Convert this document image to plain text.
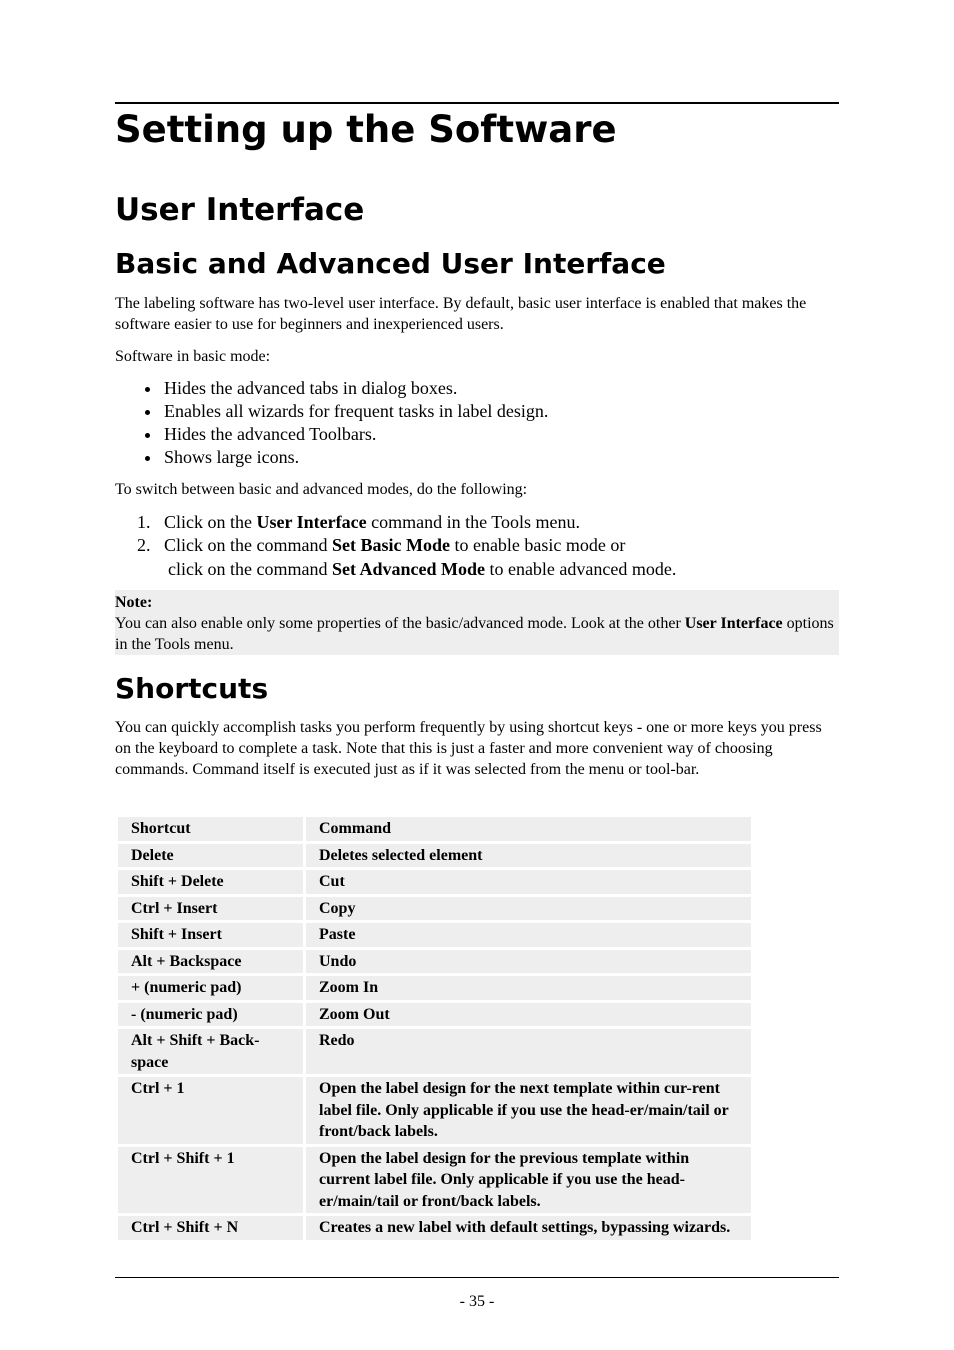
Setting up the Software
User Interface
Basic and Advanced User Interface

The labeling software has two-level user interface. By default, basic user interface is enabled that makes the software easier to use for beginners and inexperienced users.

Software in basic mode:

Hides the advanced tabs in dialog boxes.
Enables all wizards for frequent tasks in label design.
Hides the advanced Toolbars.
Shows large icons.

To switch between basic and advanced modes, do the following:

1. Click on the User Interface command in the Tools menu.
2. Click on the command Set Basic Mode to enable basic mode or
click on the command Set Advanced Mode to enable advanced mode.
Note:
You can also enable only some properties of the basic/advanced mode. Look at the other User Interface options in the Tools menu.
Shortcuts

You can quickly accomplish tasks you perform frequently by using shortcut keys - one or more keys you press on the keyboard to complete a task. Note that this is just a faster and more convenient way of choosing commands. Command itself is executed just as if it was selected from the menu or tool-bar.

Shortcut	Command
Delete	Deletes selected element
Shift + Delete	Cut
Ctrl + Insert	Copy
Shift + Insert	Paste
Alt + Backspace	Undo
+ (numeric pad)	Zoom In
- (numeric pad)	Zoom Out
Alt + Shift + Back-space	Redo
Ctrl + 1	Open the label design for the next template within cur-rent label file. Only applicable if you use the head-er/main/tail or front/back labels.
Ctrl + Shift + 1	Open the label design for the previous template within current label file. Only applicable if you use the head-er/main/tail or front/back labels.
Ctrl + Shift + N	Creates a new label with default settings, bypassing wizards.
- 35 -
